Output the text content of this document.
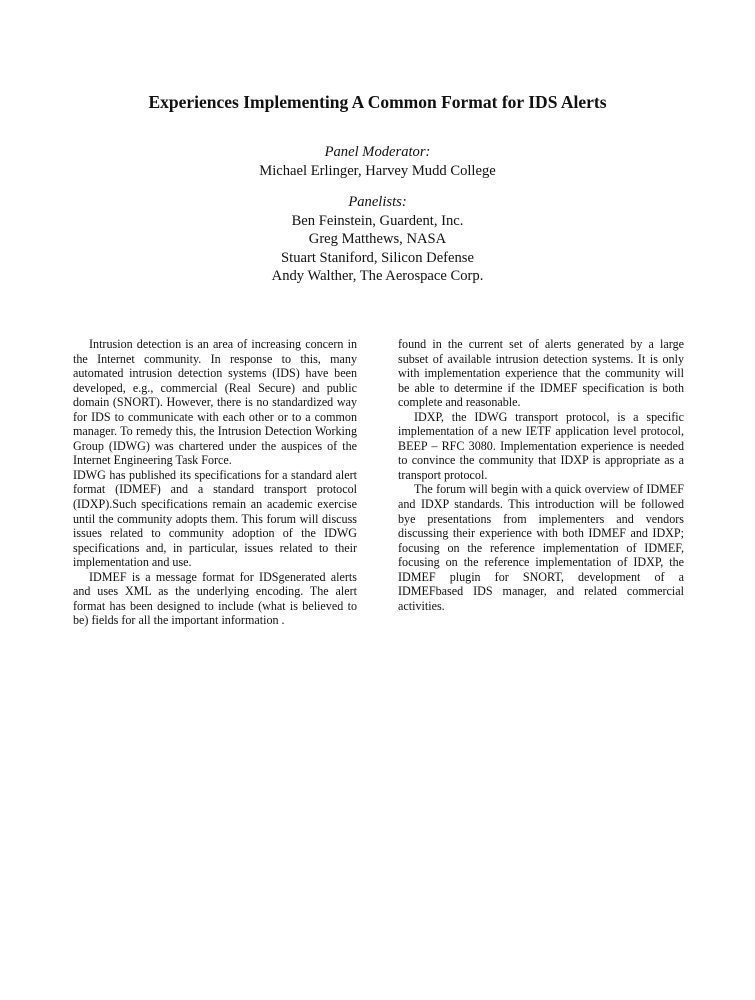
Experiences Implementing A Common Format for IDS Alerts
Panel Moderator:
Michael Erlinger, Harvey Mudd College
Panelists:
Ben Feinstein, Guardent, Inc.
Greg Matthews, NASA
Stuart Staniford, Silicon Defense
Andy Walther, The Aerospace Corp.

Intrusion detection is an area of increasing concern in the Internet community. In response to this, many automated intrusion detection systems (IDS) have been developed, e.g., commercial (Real Secure) and public domain (SNORT). However, there is no standardized way for IDS to communicate with each other or to a common manager. To remedy this, the Intrusion Detection Working Group (IDWG) was chartered under the auspices of the Internet Engineering Task Force.

IDWG has published its specifications for a standard alert format (IDMEF) and a standard transport protocol (IDXP).Such specifications remain an academic exercise until the community adopts them. This forum will discuss issues related to community adoption of the IDWG specifications and, in particular, issues related to their implementation and use.

IDMEF is a message format for IDSgenerated alerts and uses XML as the underlying encoding. The alert format has been designed to include (what is believed to be) fields for all the important information .

found in the current set of alerts generated by a large subset of available intrusion detection systems. It is only with implementation experience that the community will be able to determine if the IDMEF specification is both complete and reasonable.

IDXP, the IDWG transport protocol, is a specific implementation of a new IETF application level protocol, BEEP – RFC 3080. Implementation experience is needed to convince the community that IDXP is appropriate as a transport protocol.

The forum will begin with a quick overview of IDMEF and IDXP standards. This introduction will be followed bye presentations from implementers and vendors discussing their experience with both IDMEF and IDXP; focusing on the reference implementation of IDMEF, focusing on the reference implementation of IDXP, the IDMEF plugin for SNORT, development of a IDMEFbased IDS manager, and related commercial activities.
